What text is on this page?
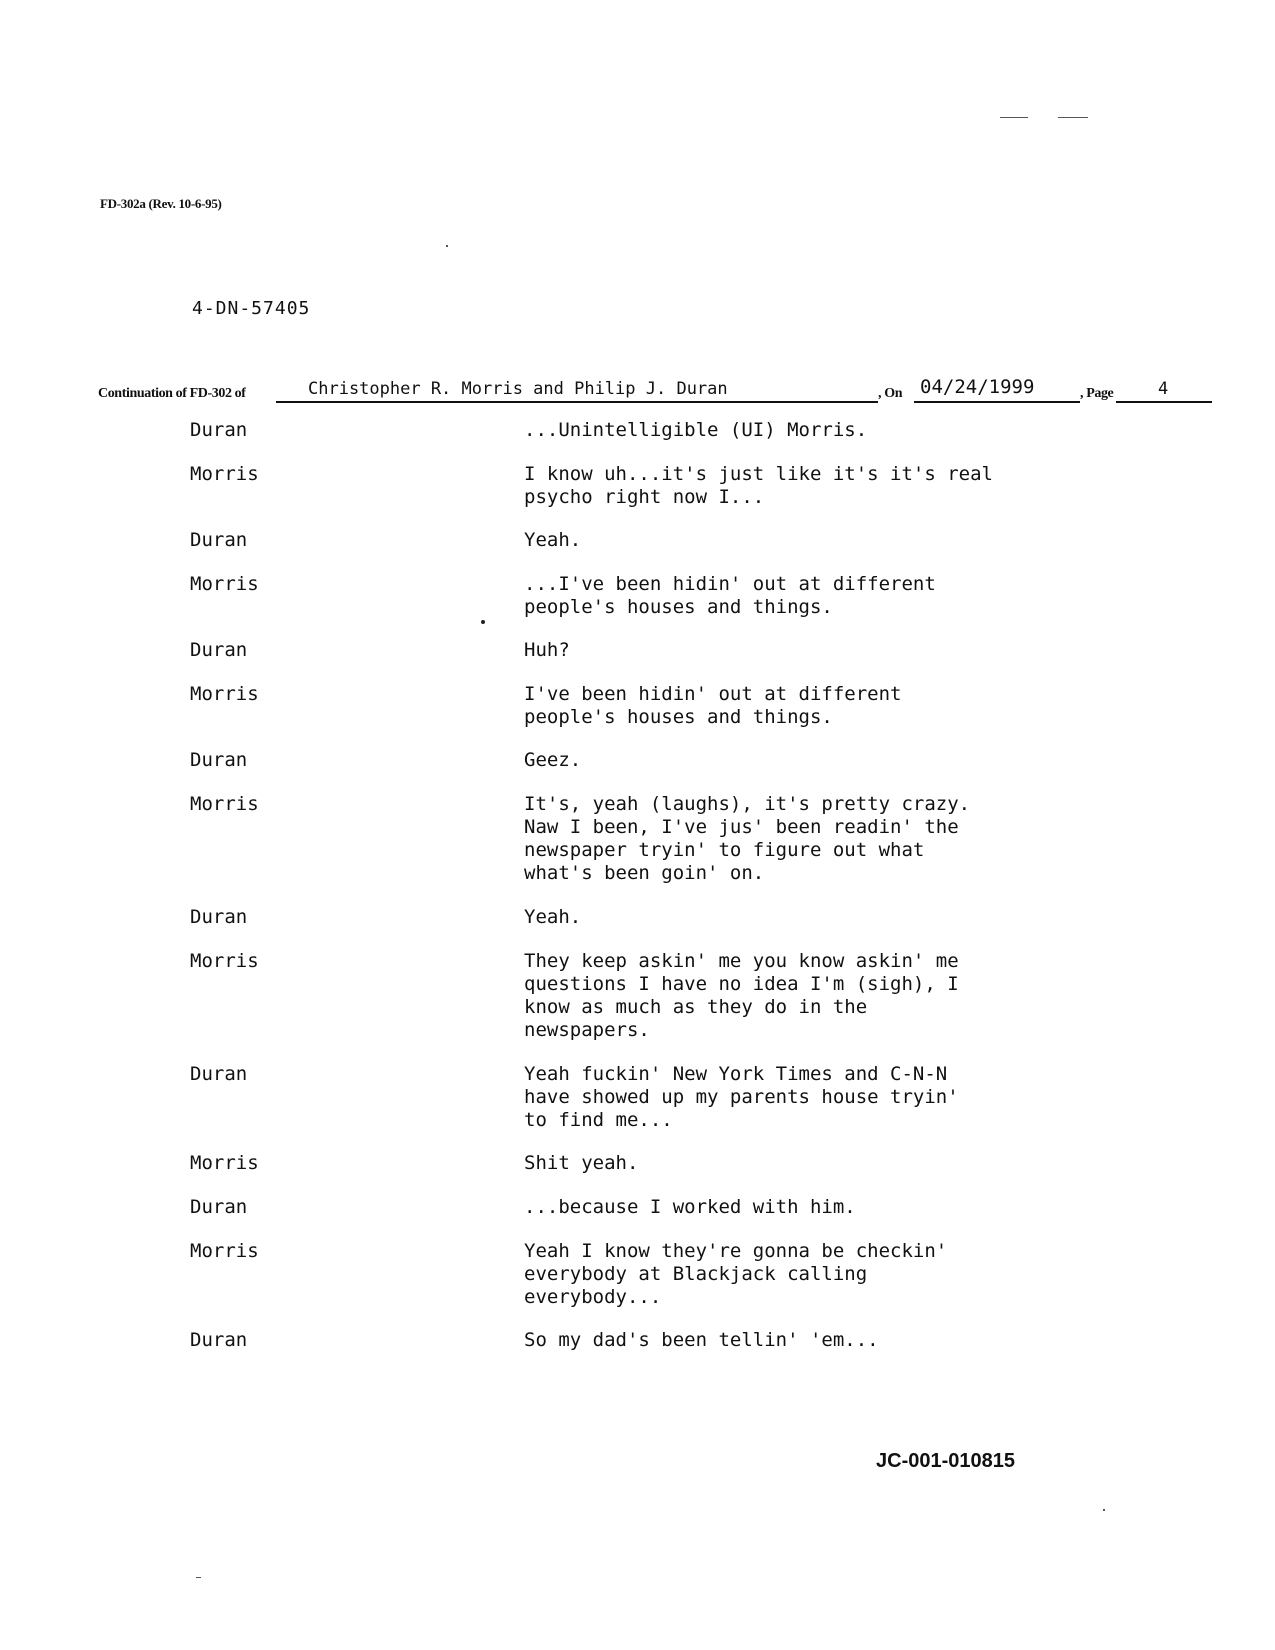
FD-302a (Rev. 10-6-95)
4-DN-57405
Continuation of FD-302 of	Christopher R. Morris and Philip J. Duran	, On 04/24/1999	, Page	4
Duran	...Unintelligible (UI) Morris.
Morris	I know uh...it's just like it's it's real
psycho right now I...
Duran	Yeah.
Morris	...I've been hidin' out at different
people's houses and things.
Duran	Huh?
Morris	I've been hidin' out at different
people's houses and things.
Duran	Geez.
Morris	It's, yeah (laughs), it's pretty crazy.
Naw I been, I've jus' been readin' the
newspaper tryin' to figure out what
what's been goin' on.
Duran	Yeah.
Morris	They keep askin' me you know askin' me
questions I have no idea I'm (sigh), I
know as much as they do in the
newspapers.
Duran	Yeah fuckin' New York Times and C-N-N
have showed up my parents house tryin'
to find me...
Morris	Shit yeah.
Duran	...because I worked with him.
Morris	Yeah I know they're gonna be checkin'
everybody at Blackjack calling
everybody...
Duran	So my dad's been tellin' 'em...
JC-001-010815
